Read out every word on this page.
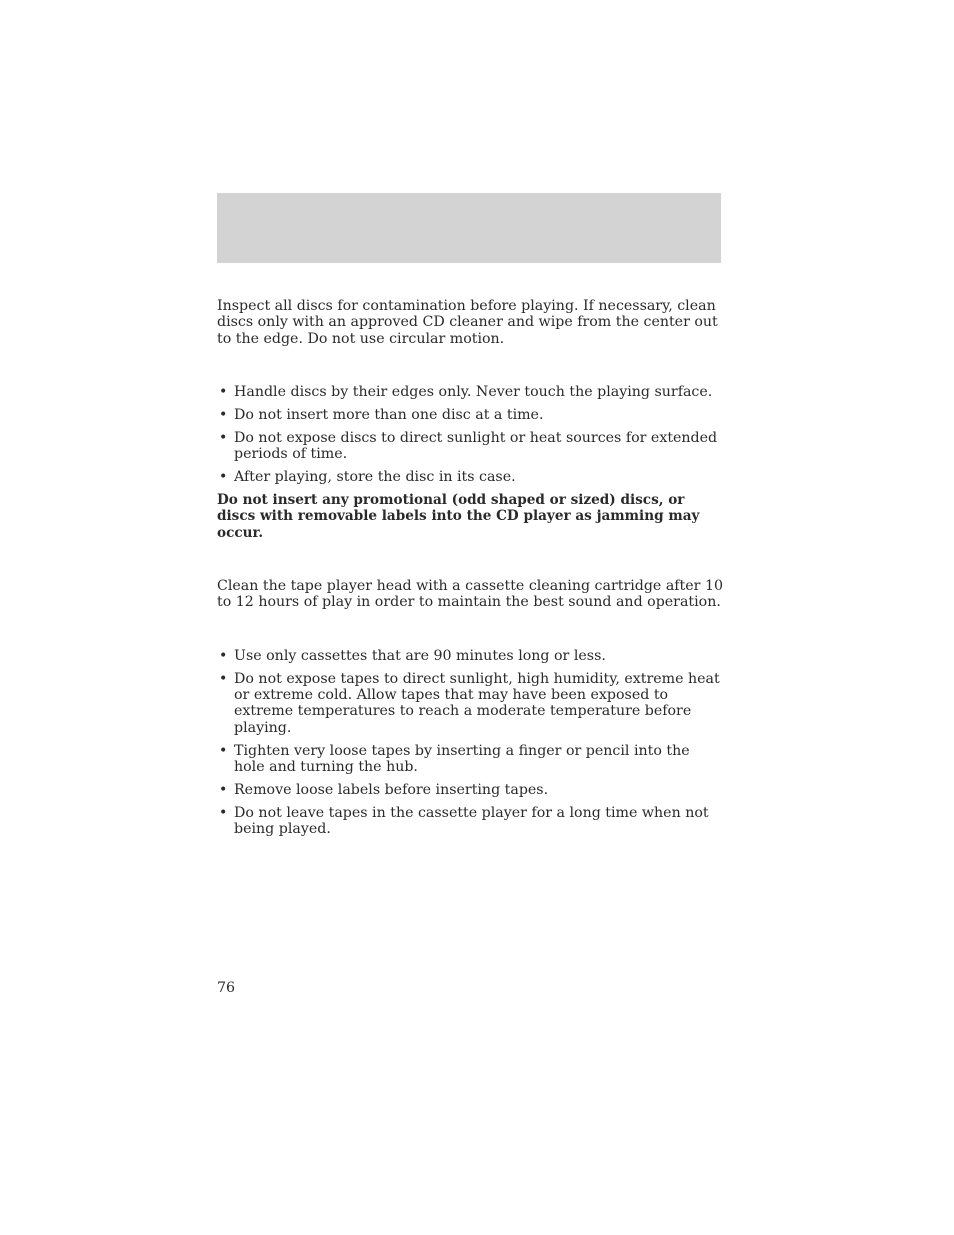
Inspect all discs for contamination before playing. If necessary, clean discs only with an approved CD cleaner and wipe from the center out to the edge. Do not use circular motion.

• Handle discs by their edges only. Never touch the playing surface.
• Do not insert more than one disc at a time.
• Do not expose discs to direct sunlight or heat sources for extended periods of time.
• After playing, store the disc in its case.

Do not insert any promotional (odd shaped or sized) discs, or discs with removable labels into the CD player as jamming may occur.

Clean the tape player head with a cassette cleaning cartridge after 10 to 12 hours of play in order to maintain the best sound and operation.

• Use only cassettes that are 90 minutes long or less.
• Do not expose tapes to direct sunlight, high humidity, extreme heat or extreme cold. Allow tapes that may have been exposed to extreme temperatures to reach a moderate temperature before playing.
• Tighten very loose tapes by inserting a finger or pencil into the hole and turning the hub.
• Remove loose labels before inserting tapes.
• Do not leave tapes in the cassette player for a long time when not being played.
76
